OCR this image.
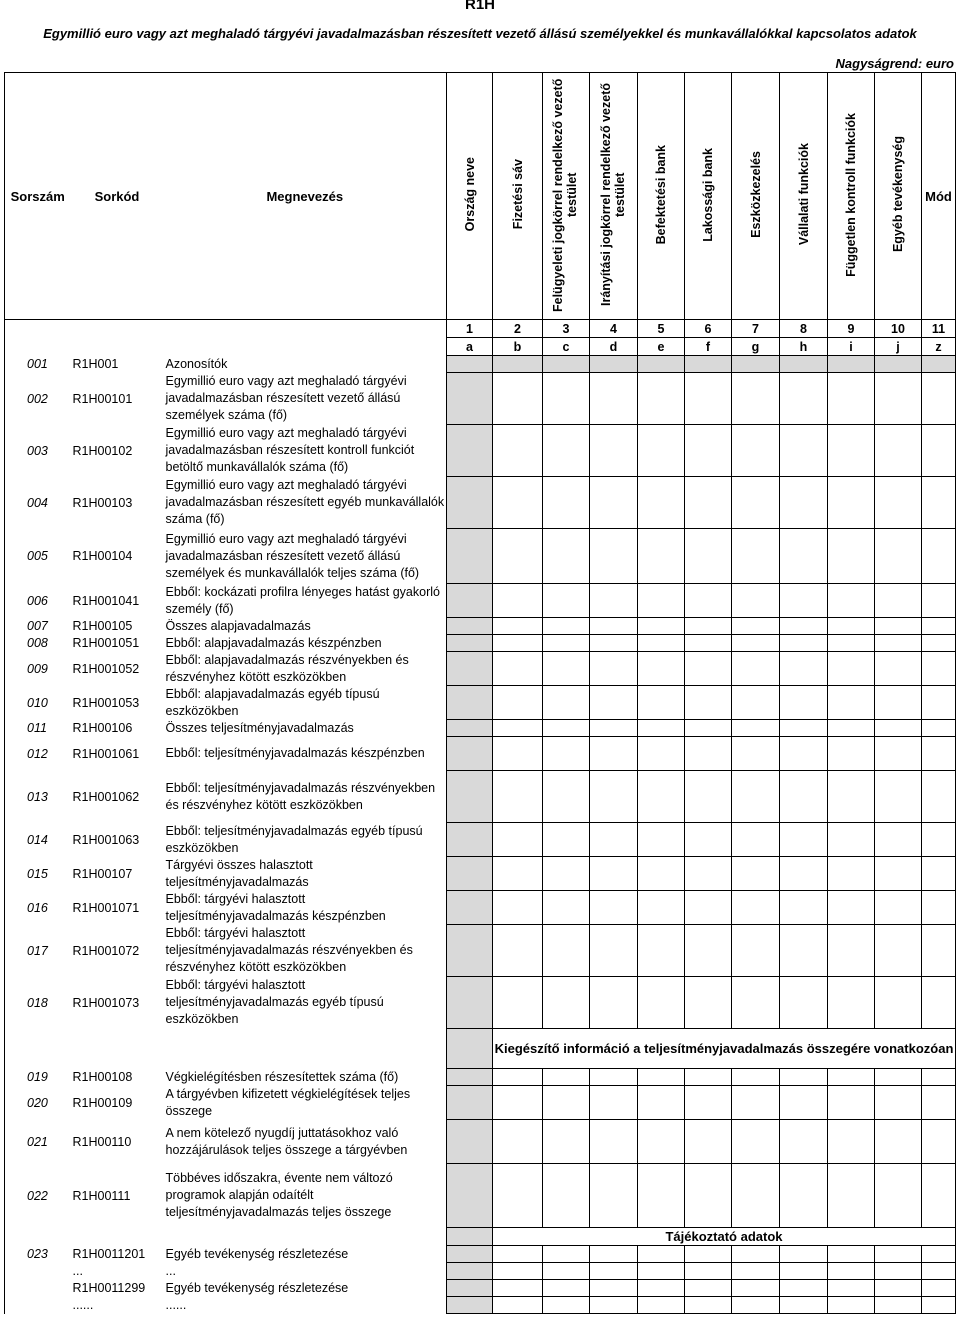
R1H
Egymillió euro vagy azt meghaladó tárgyévi javadalmazásban részesített vezető állású személyekkel és munkavállalókkal kapcsolatos adatok
Nagyságrend: euro
Sorszám	Sorkód	Megnevezés	Ország neve	Fizetési sáv	Felügyeleti jogkörrel rendelkező vezető testület	Irányítási jogkörrel rendelkező vezető testület	Befektetési bank	Lakossági bank	Eszközkezelés	Vállalati funkciók	Független kontroll funkciók	Egyéb tevékenység	Mód
			1	2	3	4	5	6	7	8	9	10	11
			a	b	c	d	e	f	g	h	i	j	z
001	R1H001	Azonosítók											
002	R1H00101	Egymillió euro vagy azt meghaladó tárgyévi javadalmazásban részesített vezető állású személyek száma (fő)											
003	R1H00102	Egymillió euro vagy azt meghaladó tárgyévi javadalmazásban részesített kontroll funkciót betöltő munkavállalók száma (fő)											
004	R1H00103	Egymillió euro vagy azt meghaladó tárgyévi javadalmazásban részesített egyéb munkavállalók száma (fő)											
005	R1H00104	Egymillió euro vagy azt meghaladó tárgyévi javadalmazásban részesített vezető állású személyek és munkavállalók teljes száma (fő)											
006	R1H001041	Ebből: kockázati profilra lényeges hatást gyakorló személy (fő)											
007	R1H00105	Összes alapjavadalmazás											
008	R1H001051	Ebből: alapjavadalmazás készpénzben											
009	R1H001052	Ebből: alapjavadalmazás részvényekben és részvényhez kötött eszközökben											
010	R1H001053	Ebből: alapjavadalmazás egyéb típusú eszközökben											
011	R1H00106	Összes teljesítményjavadalmazás											
012	R1H001061	Ebből: teljesítményjavadalmazás készpénzben											
013	R1H001062	Ebből: teljesítményjavadalmazás részvényekben és részvényhez kötött eszközökben											
014	R1H001063	Ebből: teljesítményjavadalmazás egyéb típusú eszközökben											
015	R1H00107	Tárgyévi összes halasztott teljesítményjavadalmazás											
016	R1H001071	Ebből: tárgyévi halasztott teljesítményjavadalmazás készpénzben											
017	R1H001072	Ebből: tárgyévi halasztott teljesítményjavadalmazás részvényekben és részvényhez kötött eszközökben											
018	R1H001073	Ebből: tárgyévi halasztott teljesítményjavadalmazás egyéb típusú eszközökben											
				Kiegészítő információ a teljesítményjavadalmazás összegére vonatkozóan									
019	R1H00108	Végkielégítésben részesítettek száma (fő)											
020	R1H00109	A tárgyévben kifizetett végkielégítések teljes összege											
021	R1H00110	A nem kötelező nyugdíj juttatásokhoz való hozzájárulások teljes összege a tárgyévben											
022	R1H00111	Többéves időszakra, évente nem változó programok alapján odaítélt teljesítményjavadalmazás teljes összege											
				Tájékoztató adatok									
023	R1H0011201	Egyéb tevékenység részletezése											
	...	...											
	R1H0011299	Egyéb tevékenység részletezése											
	......	......											
